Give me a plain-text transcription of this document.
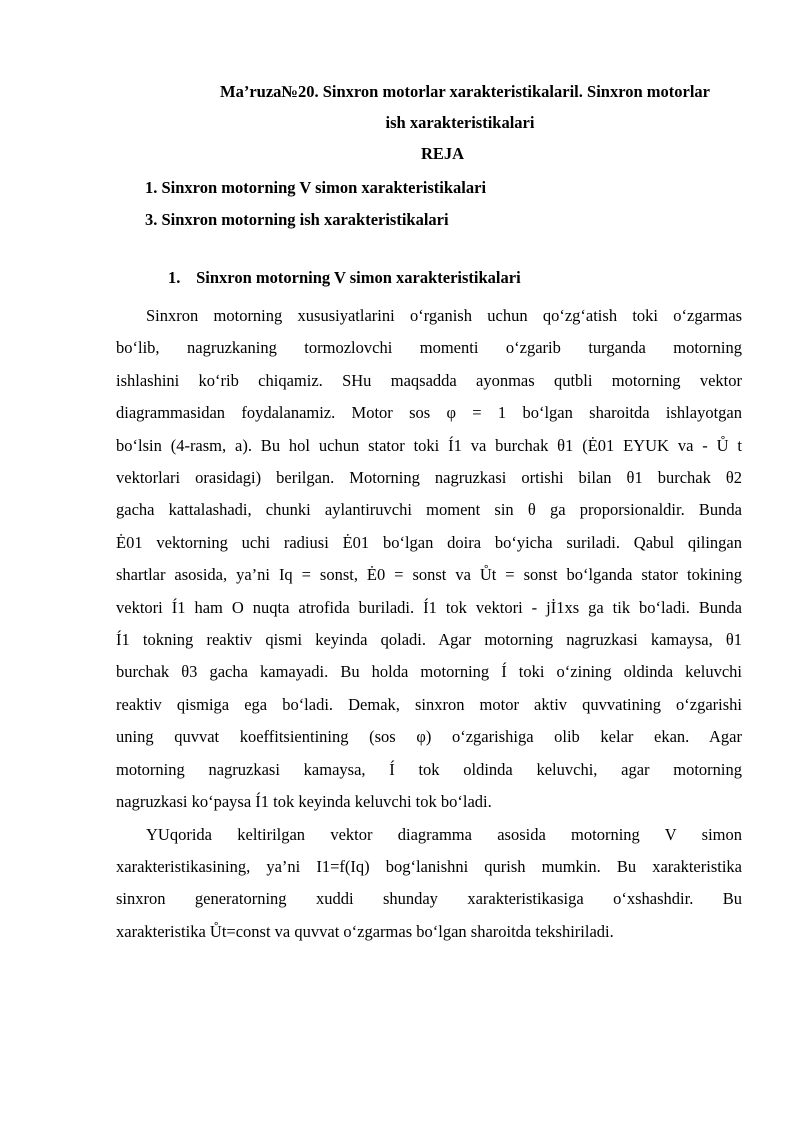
Ma’ruza№20. Sinxron motorlar xarakteristikalaril. Sinxron motorlar
ish xarakteristikalari
REJA
1. Sinxron motorning V simon xarakteristikalari
3. Sinxron motorning ish xarakteristikalari
1. Sinxron motorning V simon xarakteristikalari
Sinxron motorning xususiyatlarini o‘rganish uchun qo‘zg‘atish toki o‘zgarmas
bo‘lib, nagruzkaning tormozlovchi momenti o‘zgarib turganda motorning
ishlashini ko‘rib chiqamiz. SHu maqsadda ayonmas qutbli motorning vektor
diagrammasidan foydalanamiz. Motor sos φ = 1 bo‘lgan sharoitda ishlayotgan
bo‘lsin (4-rasm, a). Bu hol uchun stator toki Í1 va burchak θ1 (Ė01 EYUK va - Ů t
vektorlari orasidagi) berilgan. Motorning nagruzkasi ortishi bilan θ1 burchak θ2
gacha kattalashadi, chunki aylantiruvchi moment sin θ ga proporsionaldir. Bunda
Ė01 vektorning uchi radiusi Ė01 bo‘lgan doira bo‘yicha suriladi. Qabul qilingan
shartlar asosida, ya’ni Iq = sonst, Ė0 = sonst va Ůt = sonst bo‘lganda stator tokining
vektori Í1 ham O nuqta atrofida buriladi. Í1 tok vektori - jİ1xs ga tik bo‘ladi. Bunda
Í1 tokning reaktiv qismi keyinda qoladi. Agar motorning nagruzkasi kamaysa, θ1
burchak θ3 gacha kamayadi. Bu holda motorning Í toki o‘zining oldinda keluvchi
reaktiv qismiga ega bo‘ladi. Demak, sinxron motor aktiv quvvatining o‘zgarishi
uning quvvat koeffitsientining (sos φ) o‘zgarishiga olib kelar ekan. Agar
motorning nagruzkasi kamaysa, Í tok oldinda keluvchi, agar motorning
nagruzkasi ko‘paysa Í1 tok keyinda keluvchi tok bo‘ladi.
YUqorida keltirilgan vektor diagramma asosida motorning V simon
xarakteristikasining, ya’ni I1=f(Iq) bog‘lanishni qurish mumkin. Bu xarakteristika
sinxron generatorning xuddi shunday xarakteristikasiga o‘xshashdir. Bu
xarakteristika Ůt=const va quvvat o‘zgarmas bo‘lgan sharoitda tekshiriladi.
